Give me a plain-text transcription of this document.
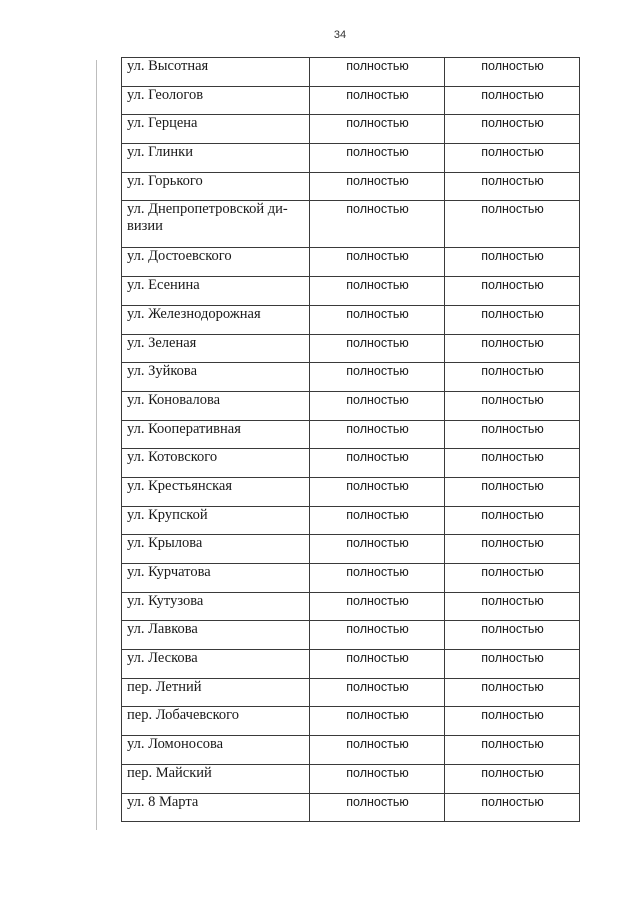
34
ул. Высотная	полностью	полностью
ул. Геологов	полностью	полностью
ул. Герцена	полностью	полностью
ул. Глинки	полностью	полностью
ул. Горького	полностью	полностью
ул. Днепропетровской ди-визии	полностью	полностью
ул. Достоевского	полностью	полностью
ул. Есенина	полностью	полностью
ул. Железнодорожная	полностью	полностью
ул. Зеленая	полностью	полностью
ул. Зуйкова	полностью	полностью
ул. Коновалова	полностью	полностью
ул. Кооперативная	полностью	полностью
ул. Котовского	полностью	полностью
ул. Крестьянская	полностью	полностью
ул. Крупской	полностью	полностью
ул. Крылова	полностью	полностью
ул. Курчатова	полностью	полностью
ул. Кутузова	полностью	полностью
ул. Лавкова	полностью	полностью
ул. Лескова	полностью	полностью
пер. Летний	полностью	полностью
пер. Лобачевского	полностью	полностью
ул. Ломоносова	полностью	полностью
пер. Майский	полностью	полностью
ул. 8 Марта	полностью	полностью
